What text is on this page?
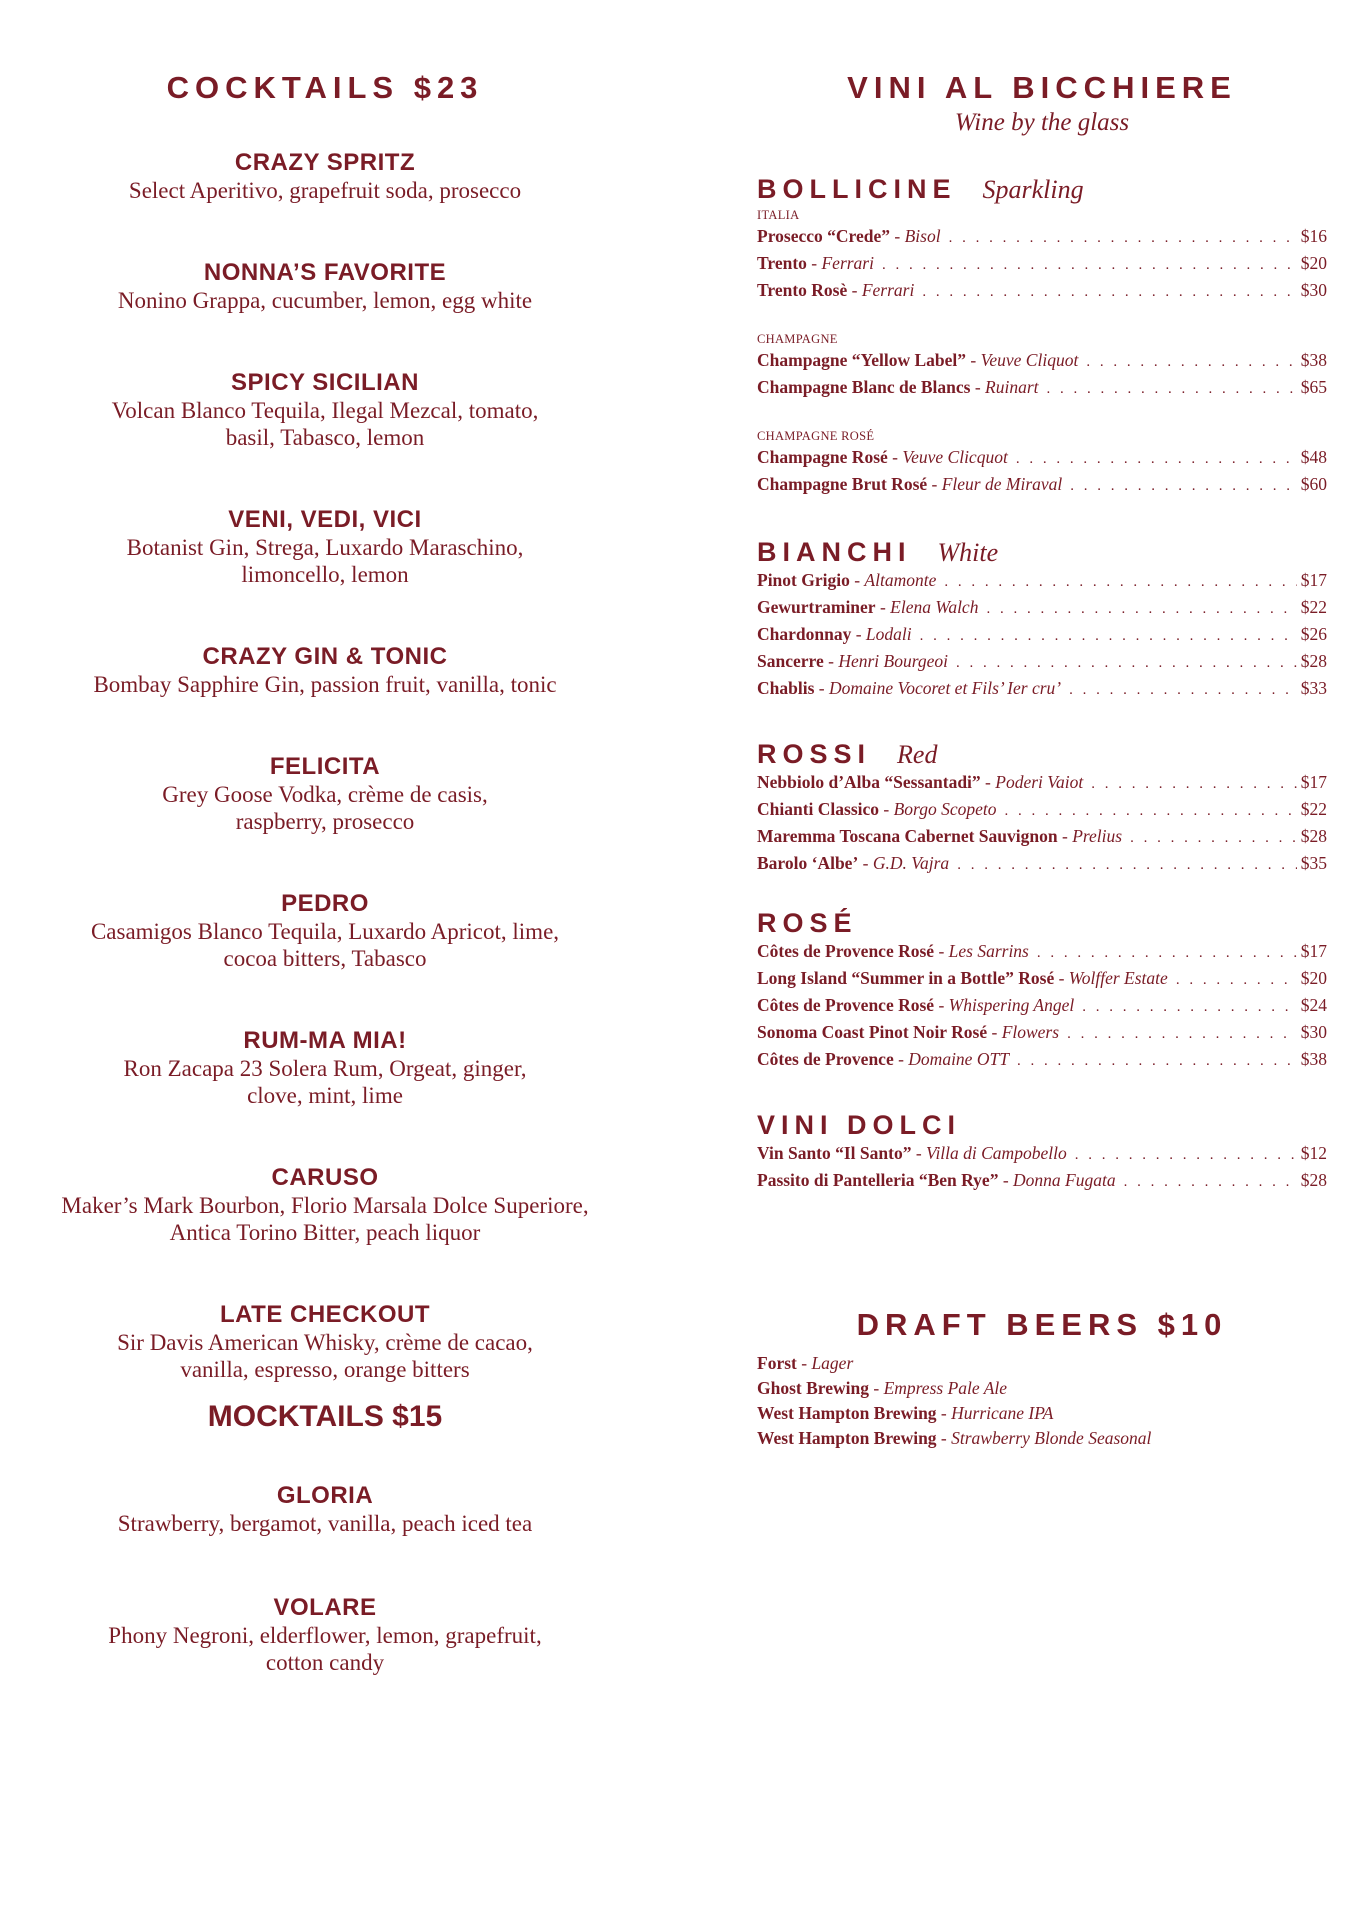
COCKTAILS $23
CRAZY SPRITZ
Select Aperitivo, grapefruit soda, prosecco
NONNA’S FAVORITE
Nonino Grappa, cucumber, lemon, egg white
SPICY SICILIAN
Volcan Blanco Tequila, Ilegal Mezcal, tomato,
basil, Tabasco, lemon
VENI, VEDI, VICI
Botanist Gin, Strega, Luxardo Maraschino,
limoncello, lemon
CRAZY GIN & TONIC
Bombay Sapphire Gin, passion fruit, vanilla, tonic
FELICITA
Grey Goose Vodka, crème de casis,
raspberry, prosecco
PEDRO
Casamigos Blanco Tequila, Luxardo Apricot, lime,
cocoa bitters, Tabasco
RUM-MA MIA!
Ron Zacapa 23 Solera Rum, Orgeat, ginger,
clove, mint, lime
CARUSO
Maker’s Mark Bourbon, Florio Marsala Dolce Superiore,
Antica Torino Bitter, peach liquor
LATE CHECKOUT
Sir Davis American Whisky, crème de cacao,
vanilla, espresso, orange bitters
MOCKTAILS $15
GLORIA
Strawberry, bergamot, vanilla, peach iced tea
VOLARE
Phony Negroni, elderflower, lemon, grapefruit,
cotton candy
VINI AL BICCHIERE
Wine by the glass
BOLLICINE Sparkling
ITALIA
Prosecco “Crede” - Bisol . . .	$16
Trento - Ferrari . . .	$20
Trento Rosè - Ferrari . . .	$30
CHAMPAGNE
Champagne “Yellow Label” - Veuve Cliquot . . .	$38
Champagne Blanc de Blancs - Ruinart . . .	$65
CHAMPAGNE ROSÉ
Champagne Rosé - Veuve Clicquot . . .	$48
Champagne Brut Rosé - Fleur de Miraval . . .	$60
BIANCHI White
Pinot Grigio - Altamonte . . .	$17
Gewurtraminer - Elena Walch . . .	$22
Chardonnay - Lodali . . .	$26
Sancerre - Henri Bourgeoi . . .	$28
Chablis - Domaine Vocoret et Fils’ Ier cru’ . . .	$33
ROSSI Red
Nebbiolo d’Alba “Sessantadi” - Poderi Vaiot . . .	$17
Chianti Classico - Borgo Scopeto . . .	$22
Maremma Toscana Cabernet Sauvignon - Prelius . . .	$28
Barolo ‘Albe’ - G.D. Vajra . . .	$35
ROSÉ
Côtes de Provence Rosé - Les Sarrins . . .	$17
Long Island “Summer in a Bottle” Rosé - Wolffer Estate . . .	$20
Côtes de Provence Rosé - Whispering Angel . . .	$24
Sonoma Coast Pinot Noir Rosé - Flowers . . .	$30
Côtes de Provence - Domaine OTT . . .	$38
VINI DOLCI
Vin Santo “Il Santo” - Villa di Campobello . . .	$12
Passito di Pantelleria “Ben Rye” - Donna Fugata . . .	$28
DRAFT BEERS $10
Forst - Lager
Ghost Brewing - Empress Pale Ale
West Hampton Brewing - Hurricane IPA
West Hampton Brewing - Strawberry Blonde Seasonal
